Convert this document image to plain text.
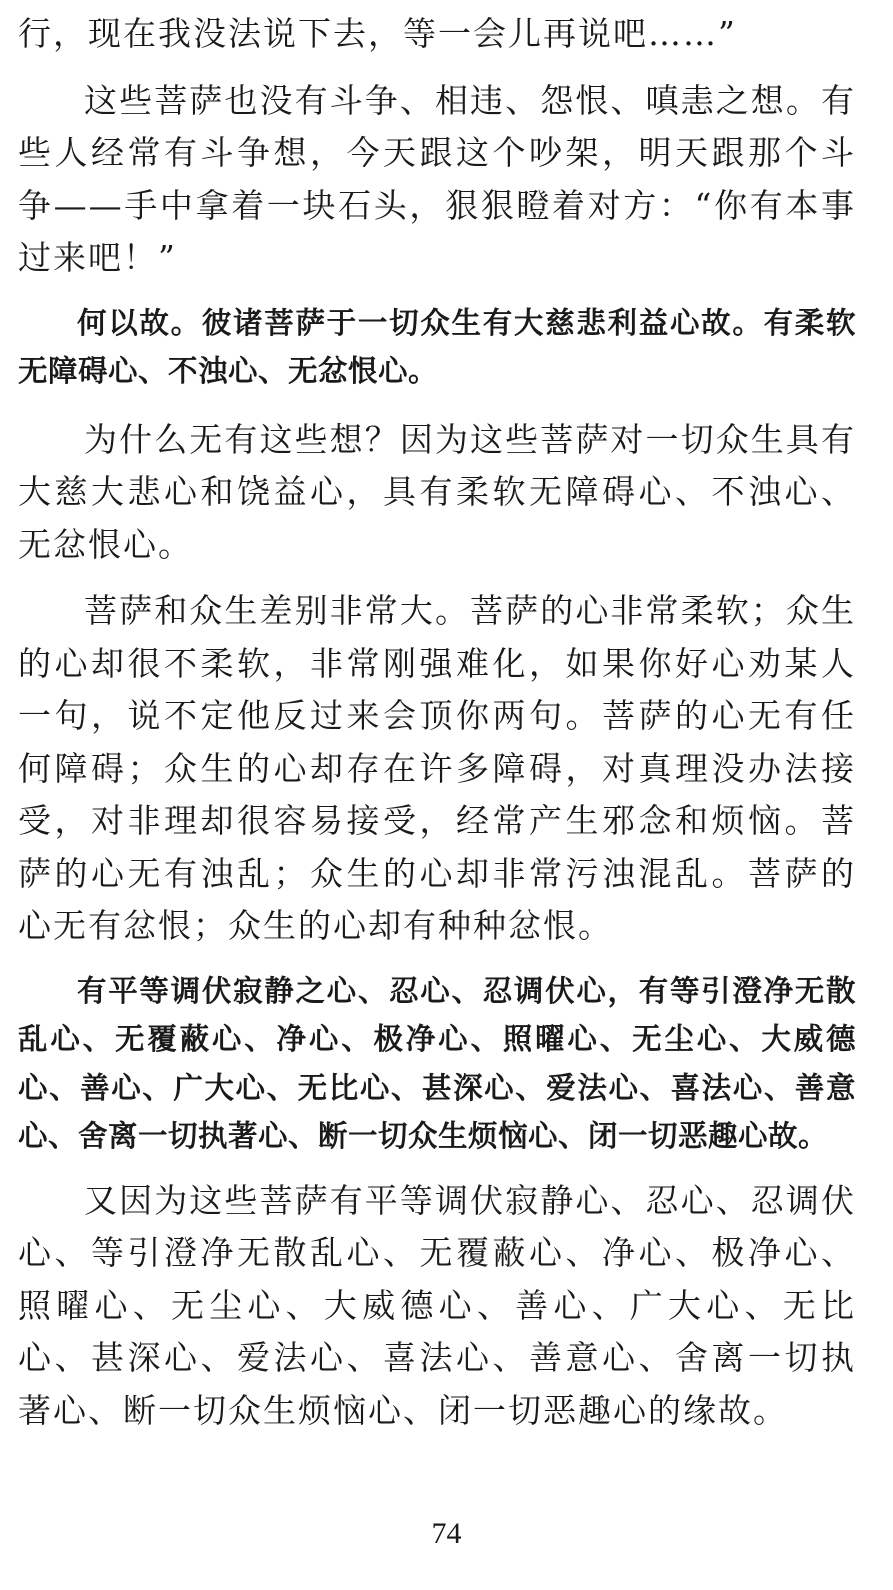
行，现在我没法说下去，等一会儿再说吧……”

这些菩萨也没有斗争、相违、怨恨、嗔恚之想。有些人经常有斗争想，今天跟这个吵架，明天跟那个斗争——手中拿着一块石头，狠狠瞪着对方：“你有本事过来吧！”

何以故。彼诸菩萨于一切众生有大慈悲利益心故。有柔软无障碍心、不浊心、无忿恨心。

为什么无有这些想？因为这些菩萨对一切众生具有大慈大悲心和饶益心，具有柔软无障碍心、不浊心、无忿恨心。

菩萨和众生差别非常大。菩萨的心非常柔软；众生的心却很不柔软，非常刚强难化，如果你好心劝某人一句，说不定他反过来会顶你两句。菩萨的心无有任何障碍；众生的心却存在许多障碍，对真理没办法接受，对非理却很容易接受，经常产生邪念和烦恼。菩萨的心无有浊乱；众生的心却非常污浊混乱。菩萨的心无有忿恨；众生的心却有种种忿恨。

有平等调伏寂静之心、忍心、忍调伏心，有等引澄净无散乱心、无覆蔽心、净心、极净心、照曜心、无尘心、大威德心、善心、广大心、无比心、甚深心、爱法心、喜法心、善意心、舍离一切执著心、断一切众生烦恼心、闭一切恶趣心故。

又因为这些菩萨有平等调伏寂静心、忍心、忍调伏心、等引澄净无散乱心、无覆蔽心、净心、极净心、照曜心、无尘心、大威德心、善心、广大心、无比心、甚深心、爱法心、喜法心、善意心、舍离一切执著心、断一切众生烦恼心、闭一切恶趣心的缘故。

74
